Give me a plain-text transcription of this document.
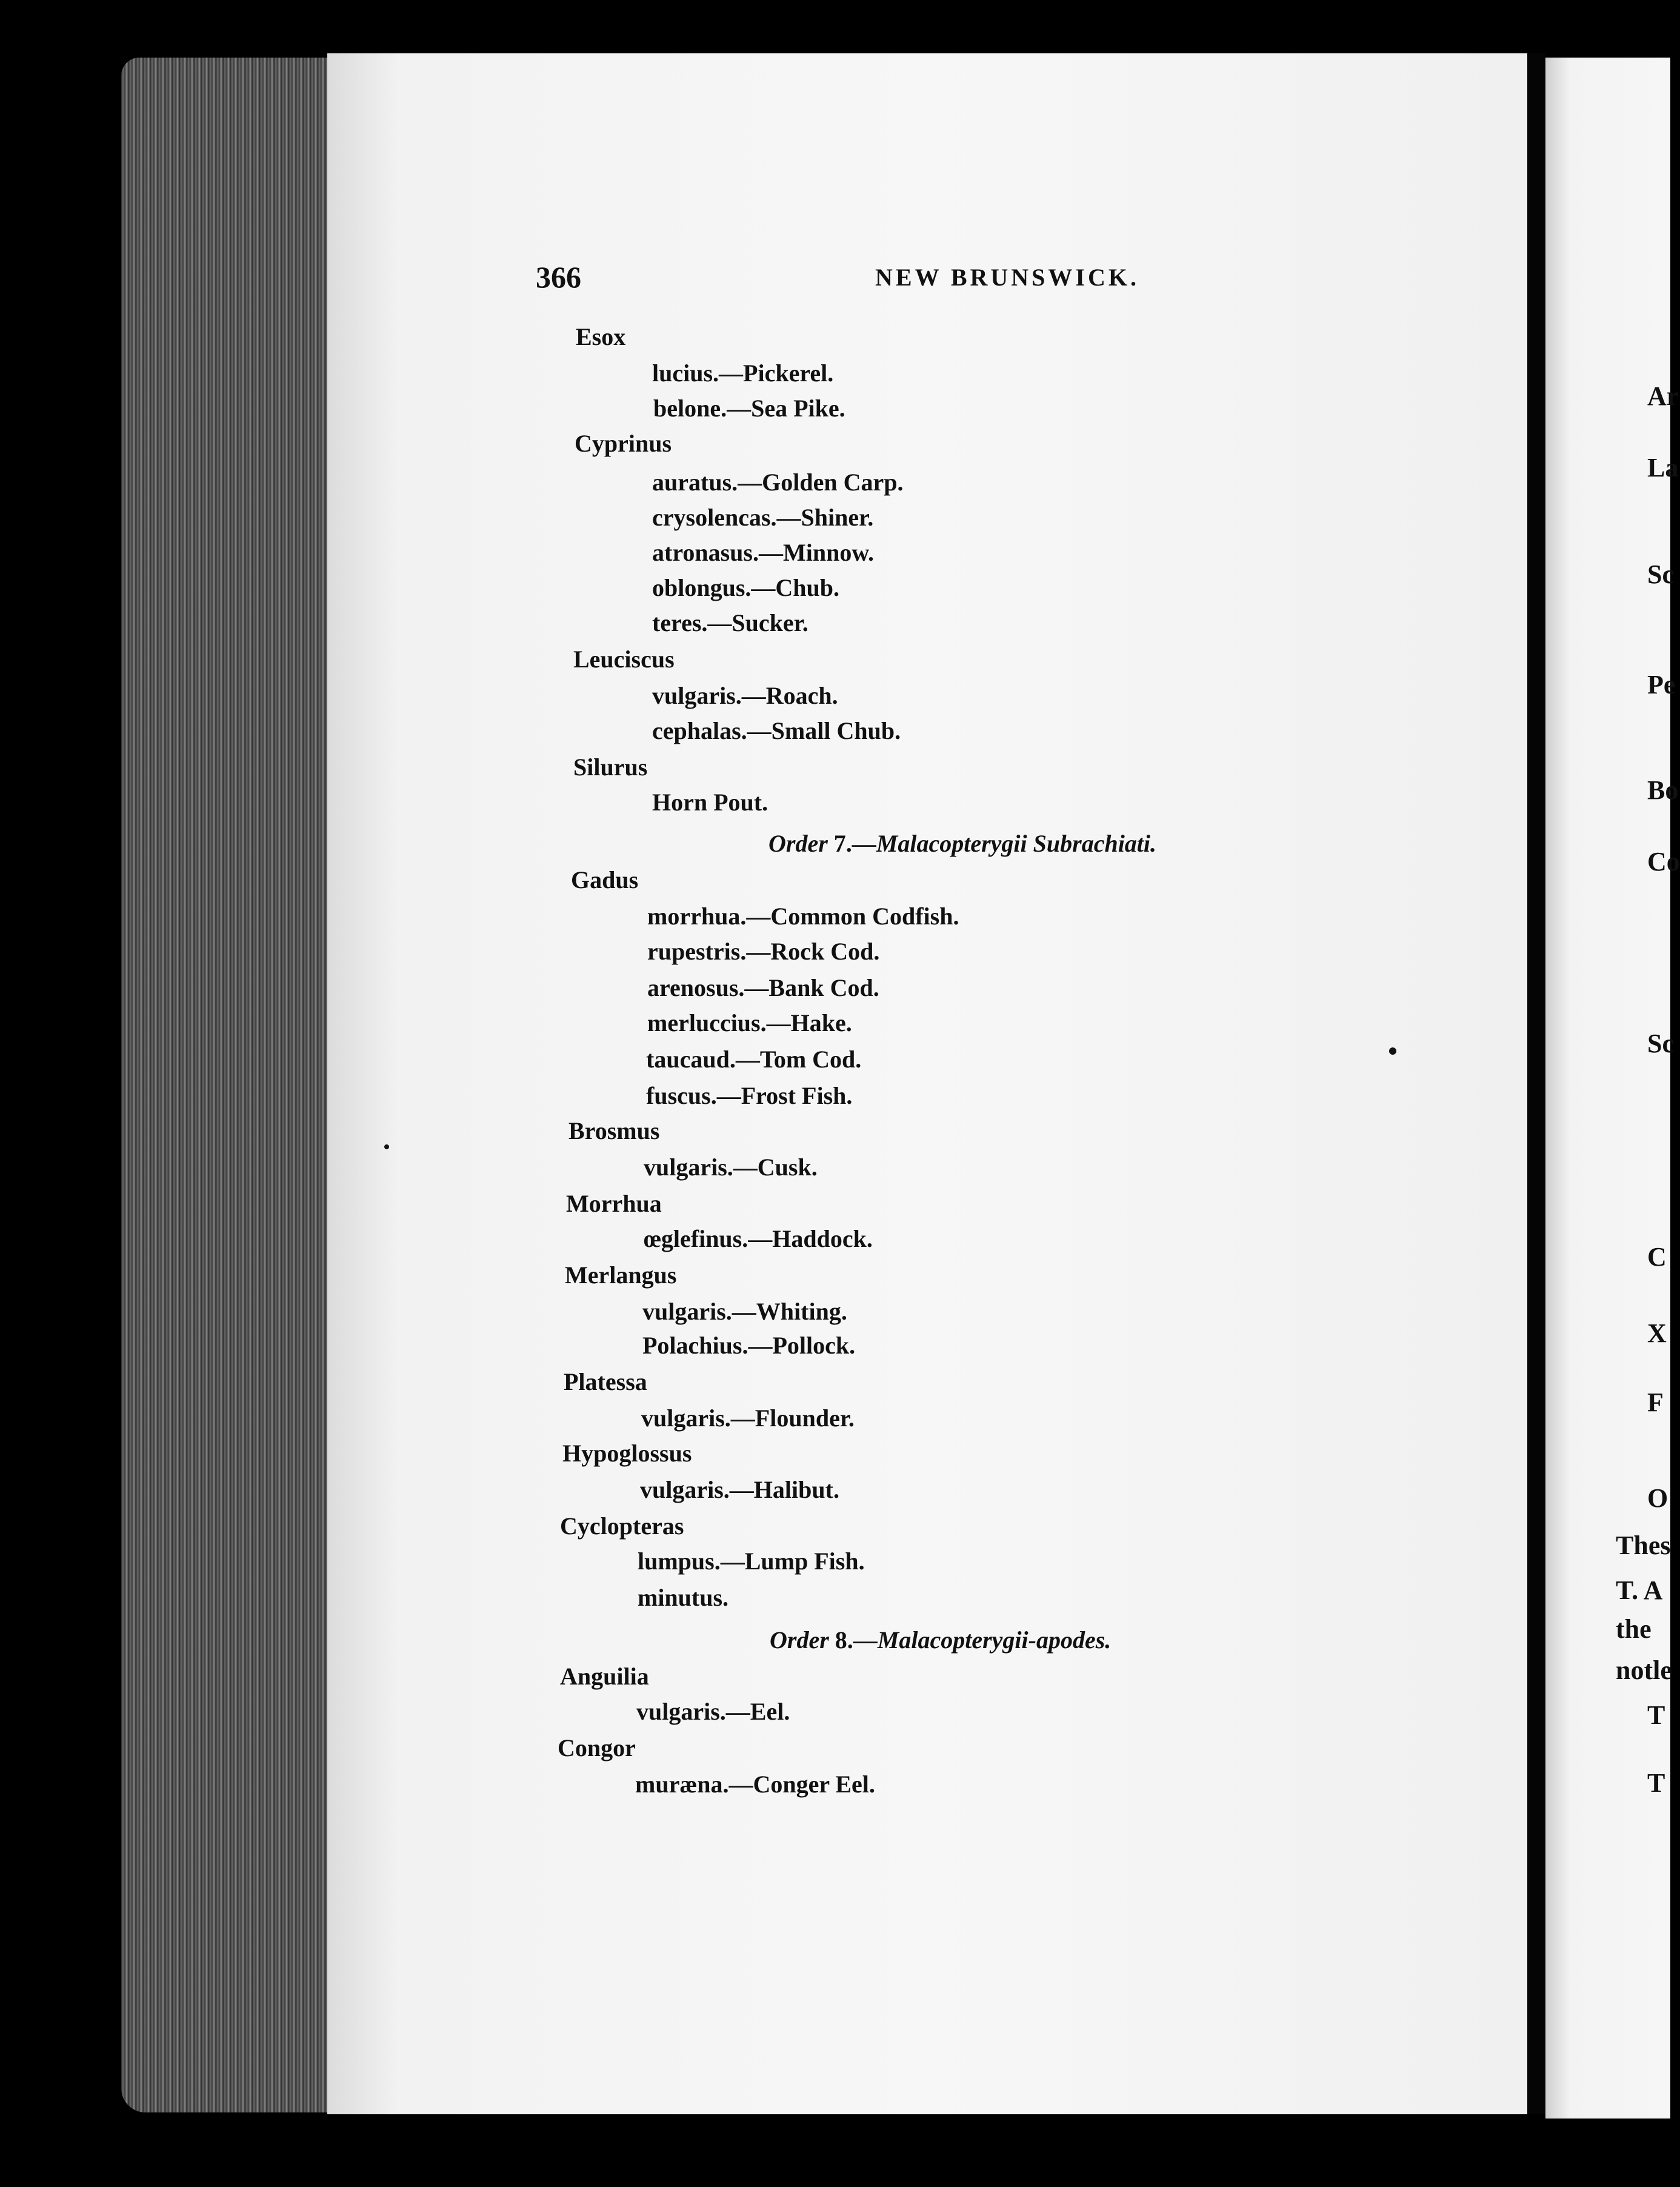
366	NEW BRUNSWICK.
Esox
lucius.—Pickerel.
belone.—Sea Pike.
Cyprinus
auratus.—Golden Carp.
crysolencas.—Shiner.
atronasus.—Minnow.
oblongus.—Chub.
teres.—Sucker.
Leuciscus
vulgaris.—Roach.
cephalas.—Small Chub.
Silurus
Horn Pout.
Order 7.—Malacopterygii Subrachiati.
Gadus
morrhua.—Common Codfish.
rupestris.—Rock Cod.
arenosus.—Bank Cod.
merluccius.—Hake.
taucaud.—Tom Cod.
fuscus.—Frost Fish.
Brosmus
vulgaris.—Cusk.
Morrhua
œglefinus.—Haddock.
Merlangus
vulgaris.—Whiting.
Polachius.—Pollock.
Platessa
vulgaris.—Flounder.
Hypoglossus
vulgaris.—Halibut.
Cyclopteras
lumpus.—Lump Fish.
minutus.
Order 8.—Malacopterygii-apodes.
Anguilia
vulgaris.—Eel.
Congor
muræna.—Conger Eel.
Ar
La
Sc
Pe
Bo
Co
Sc
C
X
F
O
Thes
T. A
the
notle
T
T
